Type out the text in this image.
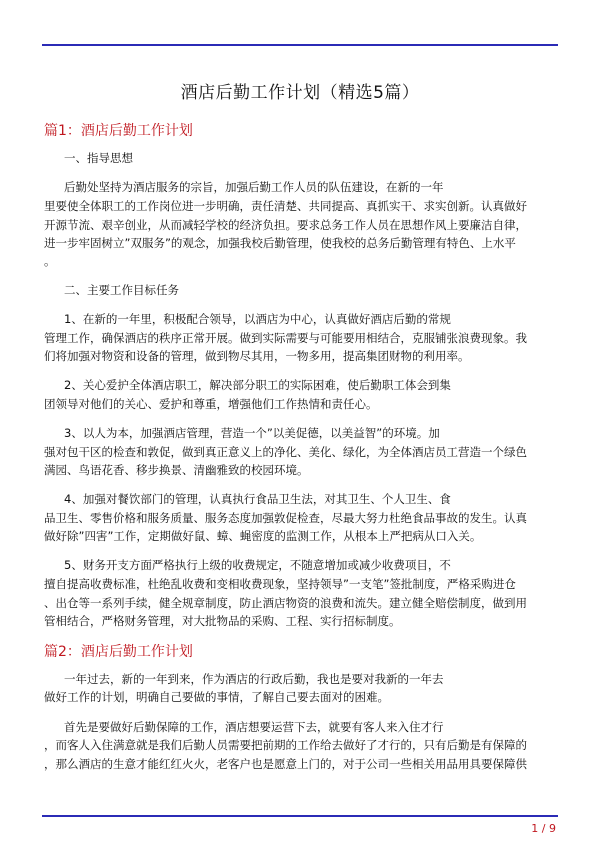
酒店后勤工作计划（精选5篇）
篇1：酒店后勤工作计划
一、指导思想
后勤处坚持为酒店服务的宗旨，加强后勤工作人员的队伍建设，在新的一年
里要使全体职工的工作岗位进一步明确，责任清楚、共同提高、真抓实干、求实创新。认真做好
开源节流、艰辛创业，从而减轻学校的经济负担。要求总务工作人员在思想作风上要廉洁自律，
进一步牢固树立”双服务”的观念，加强我校后勤管理，使我校的总务后勤管理有特色、上水平
。
二、主要工作目标任务
1、在新的一年里，积极配合领导，以酒店为中心，认真做好酒店后勤的常规
管理工作，确保酒店的秩序正常开展。做到实际需要与可能要用相结合，克服铺张浪费现象。我
们将加强对物资和设备的管理，做到物尽其用，一物多用，提高集团财物的利用率。
2、关心爱护全体酒店职工，解决部分职工的实际困难，使后勤职工体会到集
团领导对他们的关心、爱护和尊重，增强他们工作热情和责任心。
3、以人为本，加强酒店管理，营造一个”以美促德，以美益智”的环境。加
强对包干区的检查和敦促，做到真正意义上的净化、美化、绿化，为全体酒店员工营造一个绿色
满园、鸟语花香、移步换景、清幽雅致的校园环境。
4、加强对餐饮部门的管理，认真执行食品卫生法，对其卫生、个人卫生、食
品卫生、零售价格和服务质量、服务态度加强敦促检查，尽最大努力杜绝食品事故的发生。认真
做好除”四害”工作，定期做好鼠、蟑、蝇密度的监测工作，从根本上严把病从口入关。
5、财务开支方面严格执行上级的收费规定，不随意增加或减少收费项目，不
擅自提高收费标准，杜绝乱收费和变相收费现象，坚持领导”一支笔”签批制度，严格采购进仓
、出仓等一系列手续，健全规章制度，防止酒店物资的浪费和流失。建立健全赔偿制度，做到用
管相结合，严格财务管理，对大批物品的采购、工程、实行招标制度。
篇2：酒店后勤工作计划
一年过去，新的一年到来，作为酒店的行政后勤，我也是要对我新的一年去
做好工作的计划，明确自己要做的事情，了解自己要去面对的困难。
首先是要做好后勤保障的工作，酒店想要运营下去，就要有客人来入住才行
，而客人入住满意就是我们后勤人员需要把前期的工作给去做好了才行的，只有后勤是有保障的
，那么酒店的生意才能红红火火，老客户也是愿意上门的，对于公司一些相关用品用具要保障供
1 / 9
